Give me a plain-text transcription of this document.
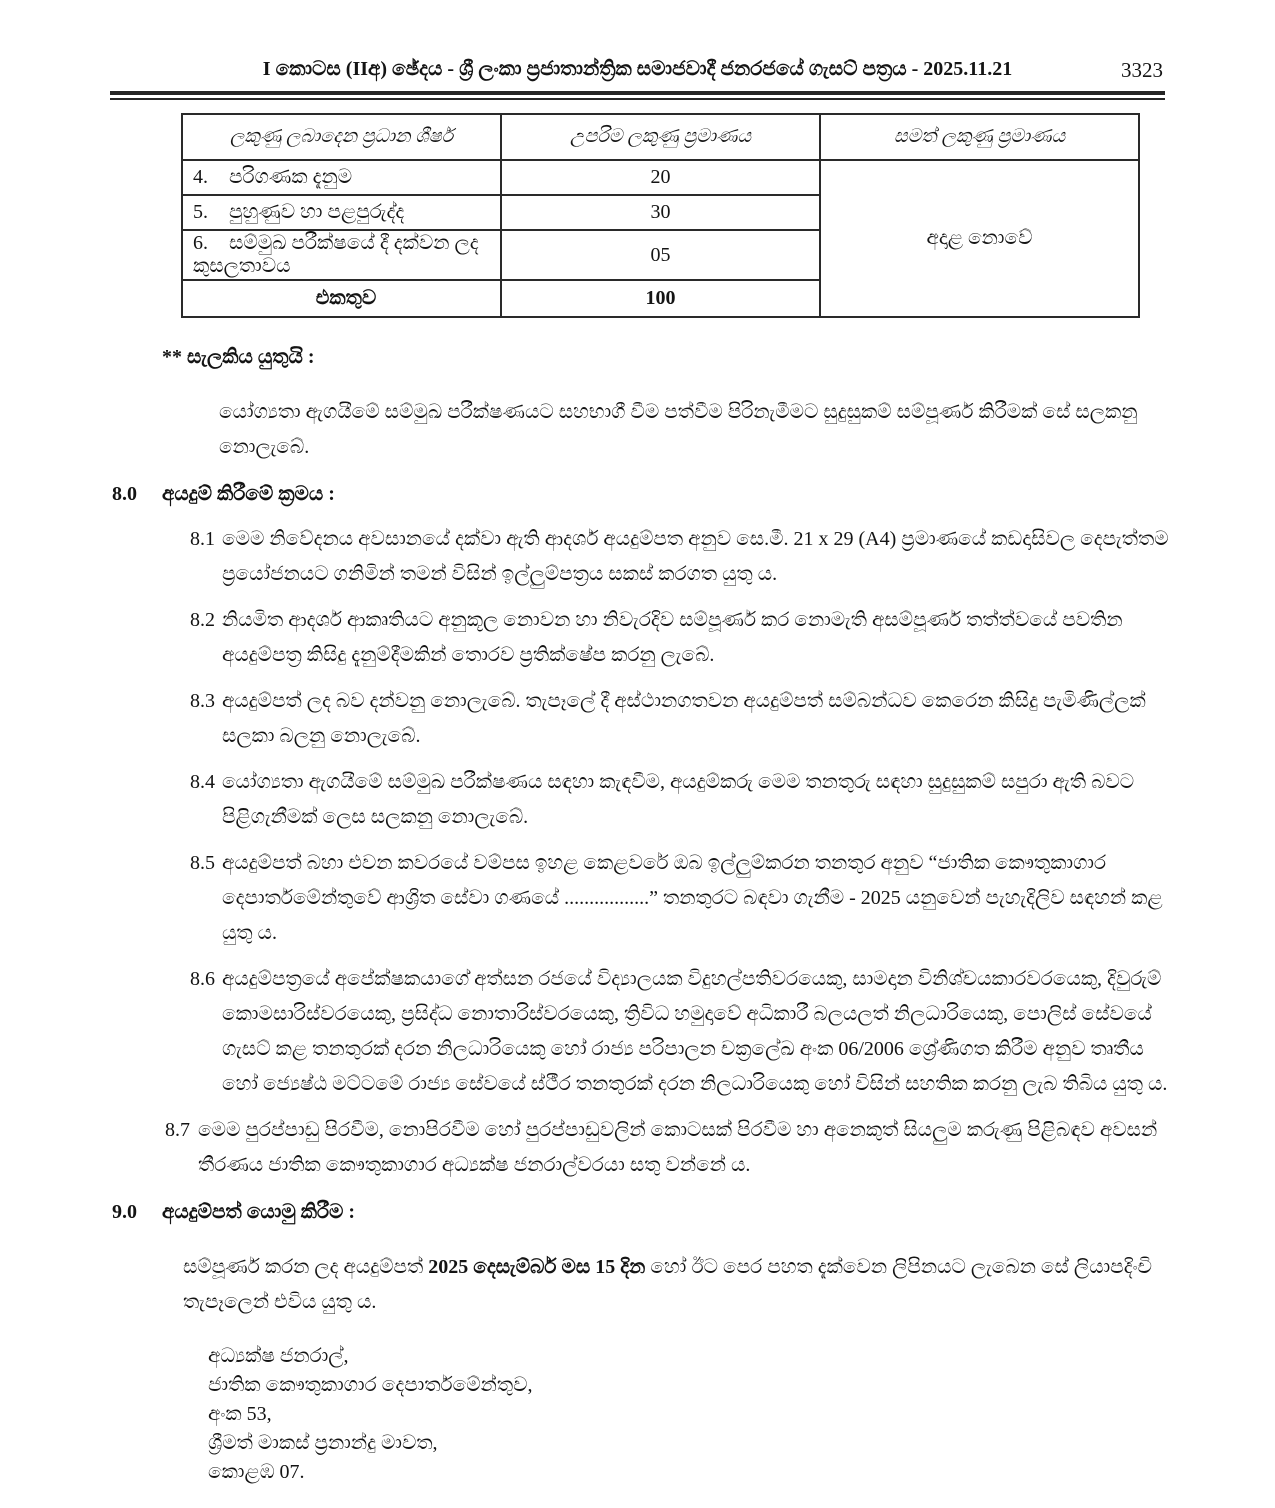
I කොටස (IIඅ) ඡේදය - ශ්‍රී ලංකා ප්‍රජාතාන්ත්‍රික සමාජවාදී ජනරජයේ ගැසට් පත්‍රය - 2025.11.21	3323
ලකුණු ලබාදෙන ප්‍රධාන ශීර්ෂ	උපරිම ලකුණු ප්‍රමාණය	සමත් ලකුණු ප්‍රමාණය
4. පරිගණක දැනුම	20	අදාළ නොවේ
5. පුහුණුව හා පළපුරුද්ද	30	
6. සම්මුඛ පරීක්ෂයේ දී දක්වන ලද කුසලතාවය	05	
එකතුව	100	
** සැලකිය යුතුයි :

යෝග්‍යතා ඇගයීමේ සම්මුඛ පරීක්ෂණයට සහභාගී වීම පත්වීම පිරිනැමීමට සුදුසුකම් සම්පූර්ණ කිරීමක් සේ සලකනු නොලැබේ.

8.0	අයදුම් කිරීමේ ක්‍රමය :
8.1 මෙම නිවේදනය අවසානයේ දක්වා ඇති ආදර්ශ අයදුම්පත අනුව සෙ.මී. 21 x 29 (A4) ප්‍රමාණයේ කඩදාසිවල දෙපැත්තම ප්‍රයෝජනයට ගනිමින් තමන් විසින් ඉල්ලුම්පත්‍රය සකස් කරගත යුතු ය.
8.2 නියමිත ආදර්ශ ආකෘතියට අනුකූල නොවන හා නිවැරදිව සම්පූර්ණ කර නොමැති අසම්පූර්ණ තත්ත්වයේ පවතින අයදුම්පත්‍ර කිසිදු දැනුම්දීමකින් තොරව ප්‍රතික්ෂේප කරනු ලැබේ.
8.3 අයදුම්පත් ලද බව දන්වනු නොලැබේ. තැපෑලේ දී අස්ථානගතවන අයදුම්පත් සම්බන්ධව කෙරෙන කිසිදු පැමිණිල්ලක් සලකා බලනු නොලැබේ.
8.4 යෝග්‍යතා ඇගයීමේ සම්මුඛ පරීක්ෂණය සඳහා කැඳවීම, අයදුම්කරු මෙම තනතුරු සඳහා සුදුසුකම් සපුරා ඇති බවට පිළිගැනීමක් ලෙස සලකනු නොලැබේ.
8.5 අයදුම්පත් බහා එවන කවරයේ වම්පස ඉහළ කෙළවරේ ඔබ ඉල්ලුම්කරන තනතුර අනුව “ජාතික කෞතුකාගාර දෙපාර්තමේන්තුවේ ආශ්‍රිත සේවා ගණයේ .................” තනතුරට බඳවා ගැනීම - 2025 යනුවෙන් පැහැදිලිව සඳහන් කළ යුතු ය.
8.6 අයදුම්පත්‍රයේ අපේක්ෂකයාගේ අත්සන රජයේ විද්‍යාලයක විදුහල්පතිවරයෙකු, සාමදාන විනිශ්චයකාරවරයෙකු, දිවුරුම් කොමසාරිස්වරයෙකු, ප්‍රසිද්ධ නොතාරිස්වරයෙකු, ත්‍රිවිධ හමුදාවේ අධිකාරී බලයලත් නිලධාරියෙකු, පොලිස් සේවයේ ගැසට් කළ තනතුරක් දරන නිලධාරියෙකු හෝ රාජ්‍ය පරිපාලන චක්‍රලේඛ අංක 06/2006 ශ්‍රේණිගත කිරීම අනුව තෘතීය හෝ ජ්‍යෙෂ්ඨ මට්ටමේ රාජ්‍ය සේවයේ ස්ථීර තනතුරක් දරන නිලධාරියෙකු හෝ විසින් සහතික කරනු ලැබ තිබිය යුතු ය.
8.7 මෙම පුරප්පාඩු පිරවීම, නොපිරවීම හෝ පුරප්පාඩුවලින් කොටසක් පිරවීම හා අනෙකුත් සියලුම කරුණු පිළිබඳව අවසන් තීරණය ජාතික කෞතුකාගාර අධ්‍යක්ෂ ජනරාල්වරයා සතු වන්නේ ය.
9.0	අයදුම්පත් යොමු කිරීම :

සම්පූර්ණ කරන ලද අයදුම්පත් 2025 දෙසැම්බර් මස 15 දින හෝ ඊට පෙර පහත දැක්වෙන ලිපිනයට ලැබෙන සේ ලියාපදිංචි තැපෑලෙන් එවිය යුතු ය.

අධ්‍යක්ෂ ජනරාල්,
ජාතික කෞතුකාගාර දෙපාර්තමේන්තුව,
අංක 53,
ශ්‍රීමත් මාකස් ප්‍රනාන්දු මාවත,
කොළඹ 07.
